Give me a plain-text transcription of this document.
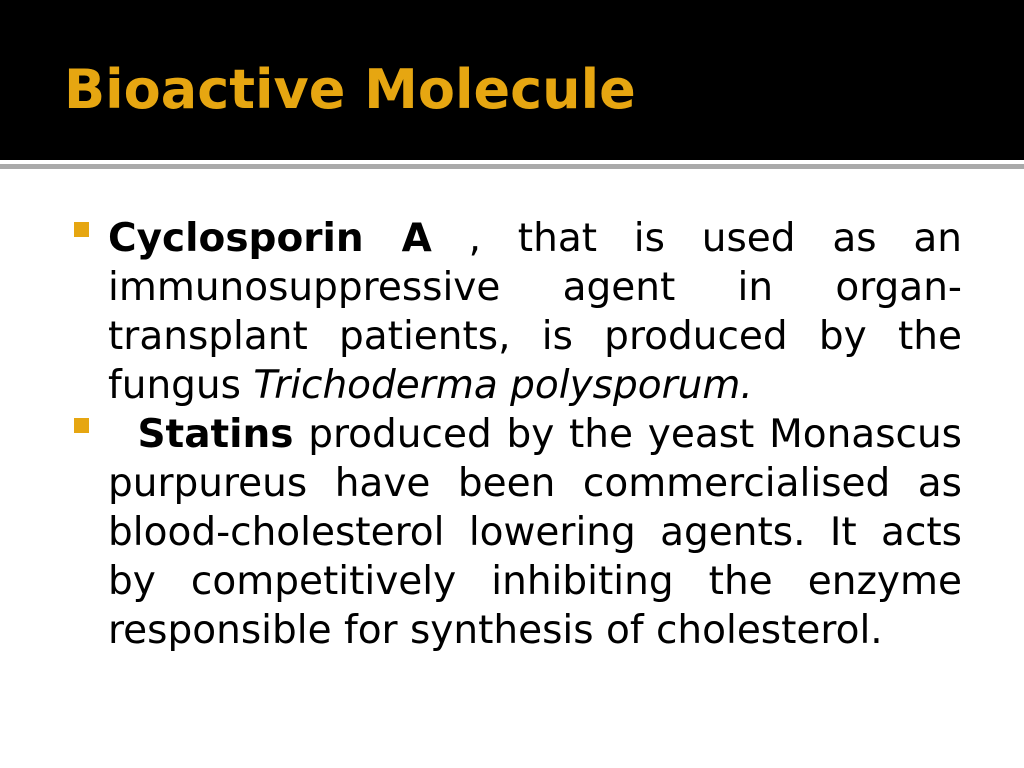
Bioactive Molecule
Cyclosporin A , that is used as an immunosuppressive agent in organ-transplant patients, is produced by the fungus Trichoderma polysporum.
Statins produced by the yeast Monascus purpureus have been commercialised as blood-cholesterol lowering agents. It acts by competitively inhibiting the enzyme responsible for synthesis of cholesterol.
